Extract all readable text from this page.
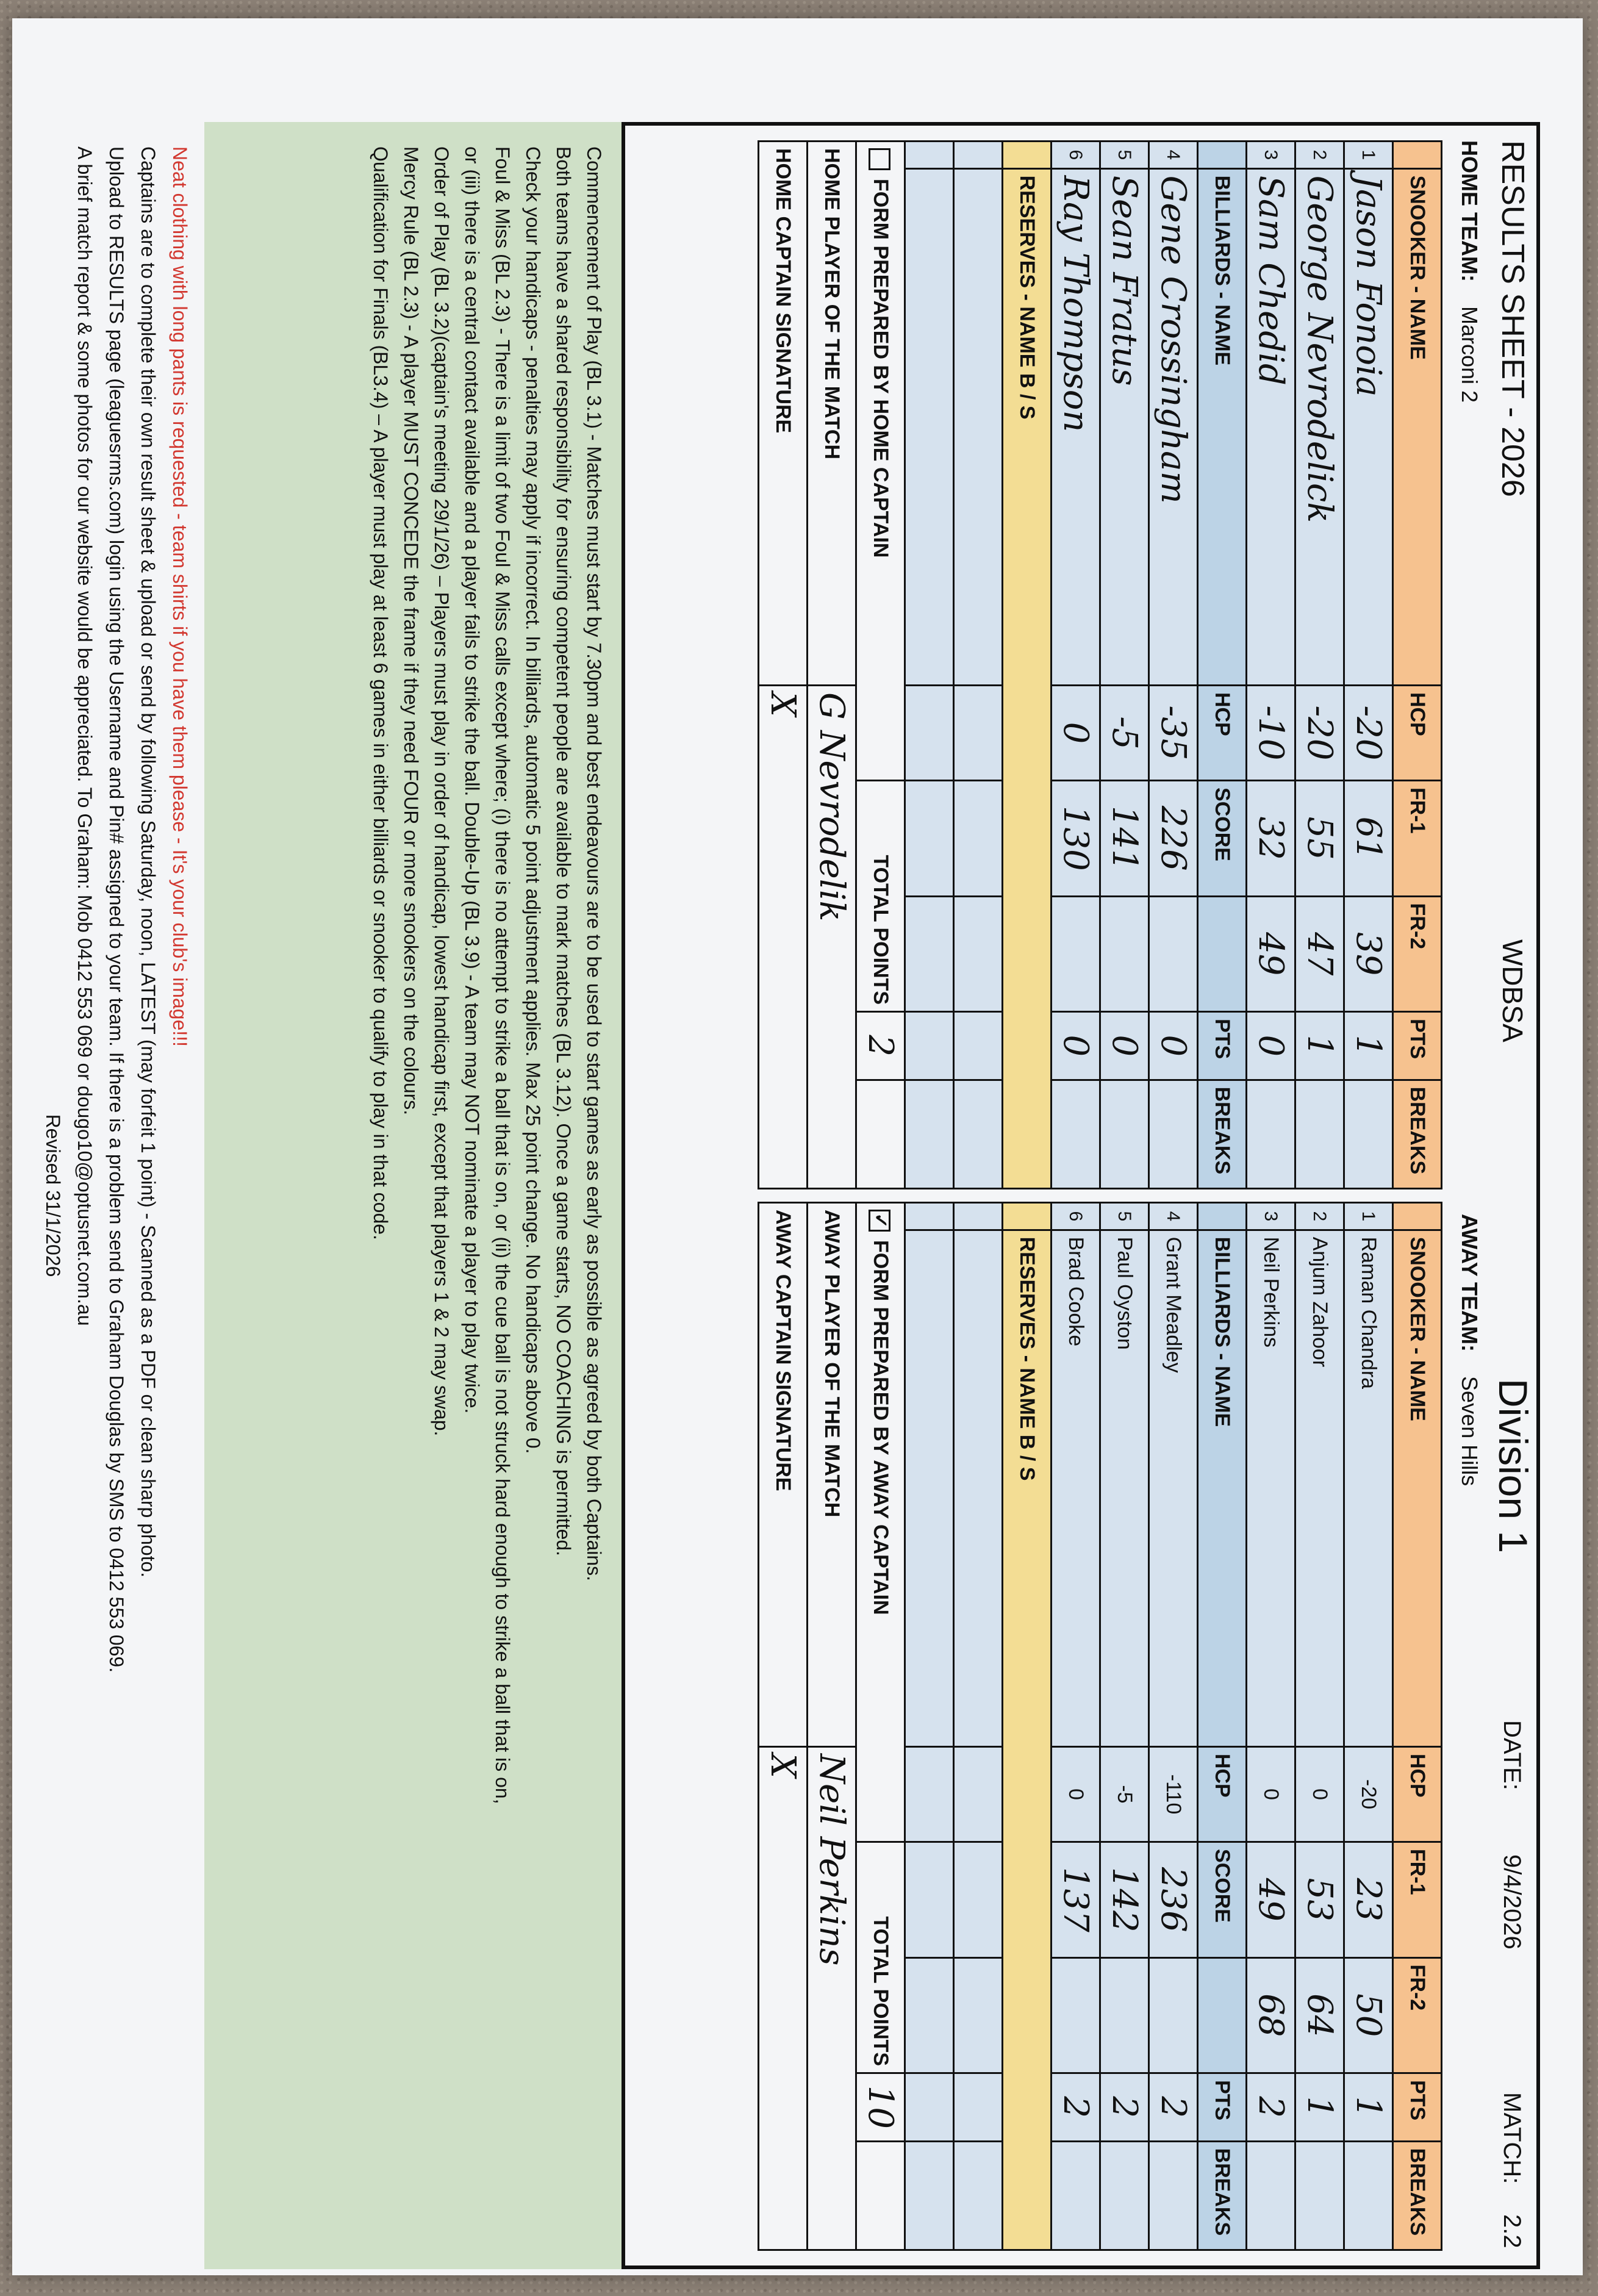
RESULTS SHEET - 2026
WDBSA
Division 1
DATE:
9/4/2026
MATCH:
2.2
HOME TEAM:Marconi 2
AWAY TEAM:Seven Hills
	SNOOKER - NAME	HCP	FR-1	FR-2	PTS	BREAKS
1	Jason Fonoia	-20	61	39	1	
2	George Nevrodelick	-20	55	47	1	
3	Sam Chedid	-10	32	49	0	
	BILLIARDS - NAME	HCP	SCORE		PTS	BREAKS
4	Gene Crossingham	-35	226		0	
5	Sean Fratus	-5	141		0	
6	Ray Thompson	0	130		0	
	RESERVES - NAME B / S					

FORM PREPARED BY HOME CAPTAIN			TOTAL POINTS		2	
HOME PLAYER OF THE MATCH		G Nevrodelik				
HOME CAPTAIN SIGNATURE		X				
	SNOOKER - NAME	HCP	FR-1	FR-2	PTS	BREAKS
1	Raman Chandra	-20	23	50	1	
2	Anjum Zahoor	0	53	64	1	
3	Neil Perkins	0	49	68	2	
	BILLIARDS - NAME	HCP	SCORE		PTS	BREAKS
4	Grant Meadley	-110	236		2	
5	Paul Oyston	-5	142		2	
6	Brad Cooke	0	137		2	
	RESERVES - NAME B / S					

✓FORM PREPARED BY AWAY CAPTAIN			TOTAL POINTS		10	
AWAY PLAYER OF THE MATCH		Neil Perkins				
AWAY CAPTAIN SIGNATURE		X				
Commencement of Play (BL 3.1) - Matches must start by 7.30pm and best endeavours are to be used to start games as early as possible as agreed by both Captains.
Both teams have a shared responsibility for ensuring competent people are available to mark matches (BL 3.12). Once a game starts, NO COACHING is permitted.
Check your handicaps - penalties may apply if incorrect. In billiards, automatic 5 point adjustment applies. Max 25 point change. No handicaps above 0.
Foul & Miss (BL 2.3) - There is a limit of two Foul & Miss calls except where; (i) there is no attempt to strike a ball that is on, or (ii) the cue ball is not struck hard enough to strike a ball that is on,
or (iii) there is a central contact available and a player fails to strike the ball. Double-Up (BL 3.9) - A team may NOT nominate a player to play twice.
Order of Play (BL 3.2)(captain's meeting 29/1/26) – Players must play in order of handicap, lowest handicap first, except that players 1 & 2 may swap.
Mercy Rule (BL 2.3) - A player MUST CONCEDE the frame if they need FOUR or more snookers on the colours.
Qualification for Finals (BL3.4) – A player must play at least 6 games in either billiards or snooker to qualify to play in that code.
Neat clothing with long pants is requested - team shirts if you have them please - It's your club's image!!!
Captains are to complete their own result sheet & upload or send by following Saturday, noon, LATEST (may forfeit 1 point) - Scanned as a PDF or clean sharp photo.
Upload to RESULTS page (leaguesrms.com) login using the Username and Pin# assigned to your team. If there is a problem send to Graham Douglas by SMS to 0412 553 069.
A brief match report & some photos for our website would be appreciated. To Graham: Mob 0412 553 069 or dougo10@optusnet.com.au
Revised 31/1/2026
